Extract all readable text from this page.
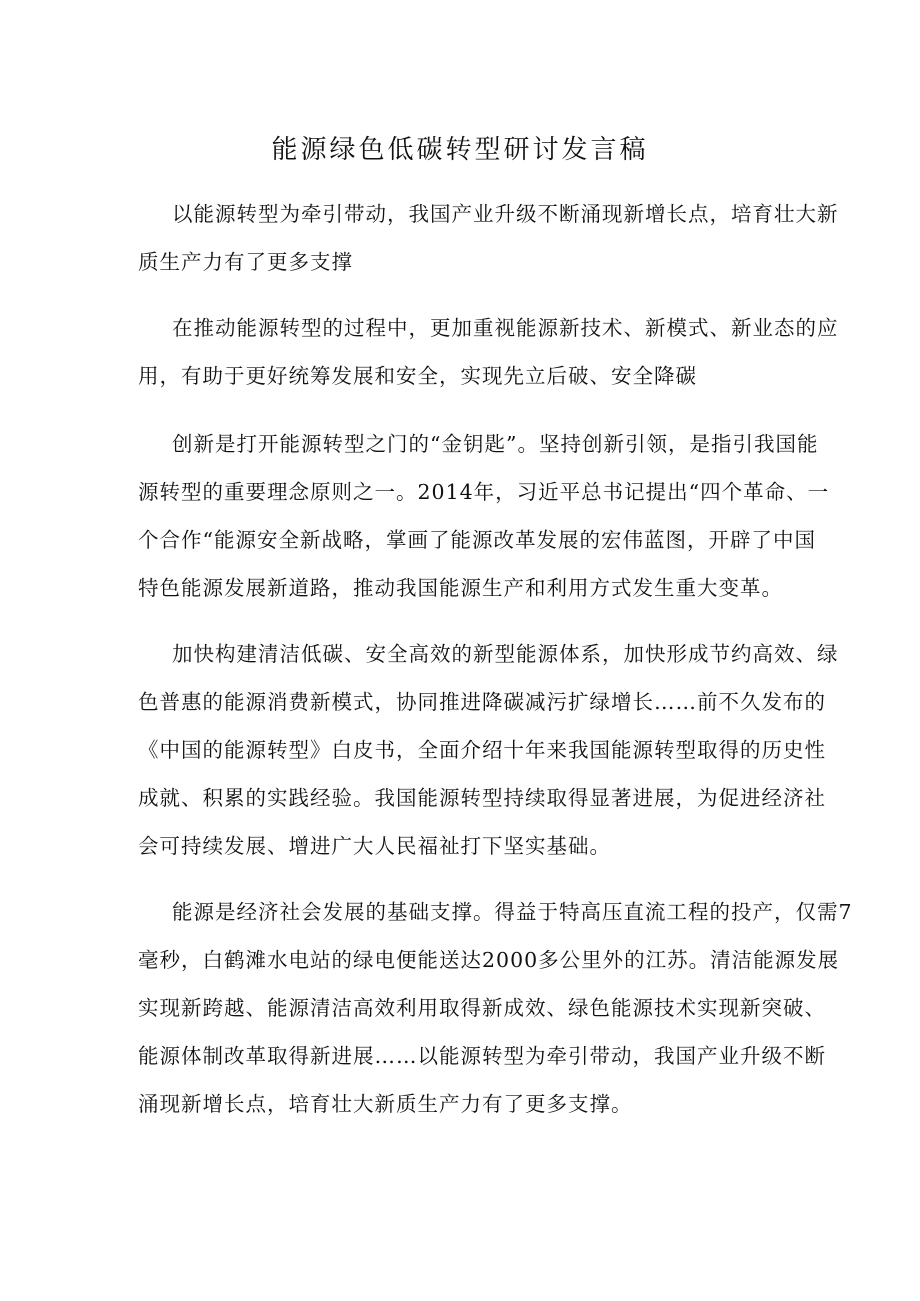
能源绿色低碳转型研讨发言稿
以能源转型为牵引带动，我国产业升级不断涌现新增长点，培育壮大新
质生产力有了更多支撑
在推动能源转型的过程中，更加重视能源新技术、新模式、新业态的应
用，有助于更好统筹发展和安全，实现先立后破、安全降碳
创新是打开能源转型之门的“金钥匙”。坚持创新引领，是指引我国能
源转型的重要理念原则之一。2014年，习近平总书记提出“四个革命、一
个合作“能源安全新战略，掌画了能源改革发展的宏伟蓝图，开辟了中国
特色能源发展新道路，推动我国能源生产和利用方式发生重大变革。
加快构建清洁低碳、安全高效的新型能源体系，加快形成节约高效、绿
色普惠的能源消费新模式，协同推进降碳减污扩绿增长……前不久发布的
《中国的能源转型》白皮书，全面介绍十年来我国能源转型取得的历史性
成就、积累的实践经验。我国能源转型持续取得显著进展，为促进经济社
会可持续发展、增进广大人民福祉打下坚实基础。
能源是经济社会发展的基础支撑。得益于特高压直流工程的投产，仅需7
毫秒，白鹤滩水电站的绿电便能送达2000多公里外的江苏。清洁能源发展
实现新跨越、能源清洁高效利用取得新成效、绿色能源技术实现新突破、
能源体制改革取得新进展……以能源转型为牵引带动，我国产业升级不断
涌现新增长点，培育壮大新质生产力有了更多支撑。
